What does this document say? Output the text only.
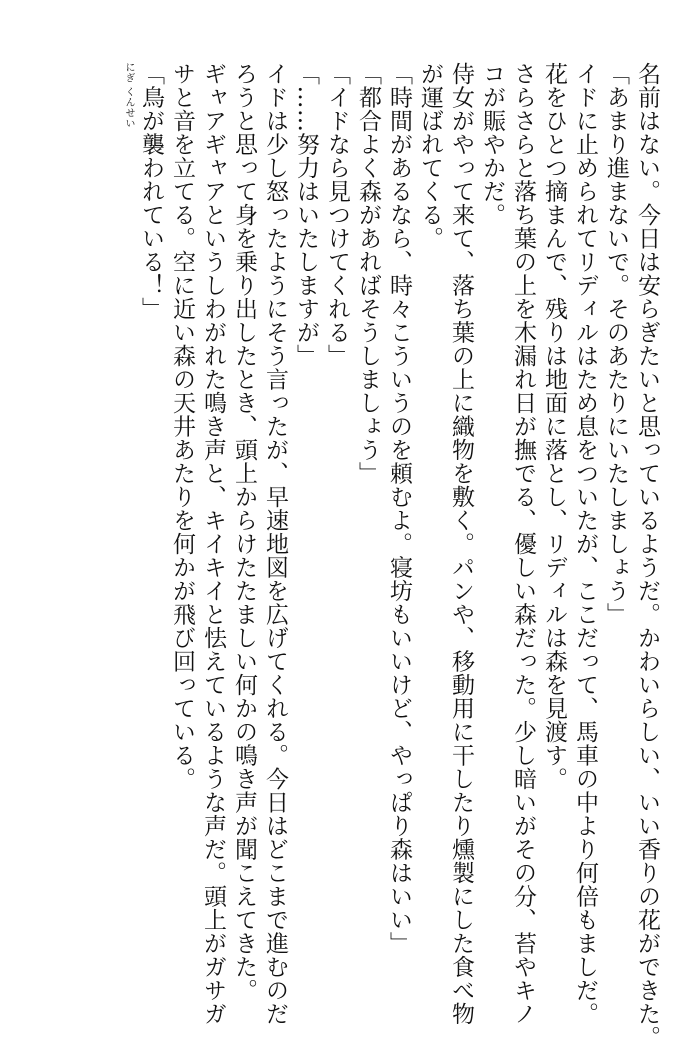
名前はない。今日は安らぎたいと思っているようだ。かわいらしい、いい香りの花ができた。
「あまり進まないで。そのあたりにいたしましょう」
イドに止められてリディルはため息をついたが、ここだって、馬車の中より何倍もましだ。
花をひとつ摘まんで、残りは地面に落とし、リディルは森を見渡す。
さらさらと落ち葉の上を木漏れ日が撫でる、優しい森だった。少し暗いがその分、苔やキノ
コが賑やかだ。
侍女がやって来て、落ち葉の上に織物を敷く。パンや、移動用に干したり燻製にした食べ物
が運ばれてくる。
「時間があるなら、時々こういうのを頼むよ。寝坊もいいけど、やっぱり森はいい」
「都合よく森があればそうしましょう」
「イドなら見つけてくれる」
「……努力はいたしますが」
イドは少し怒ったようにそう言ったが、早速地図を広げてくれる。今日はどこまで進むのだ
ろうと思って身を乗り出したとき、頭上からけたたましい何かの鳴き声が聞こえてきた。
ギャアギャアというしわがれた鳴き声と、キイキイと怯えているような声だ。頭上がガサガ
サと音を立てる。空に近い森の天井あたりを何かが飛び回っている。
「鳥が襲われている！」
にぎ くんせい
